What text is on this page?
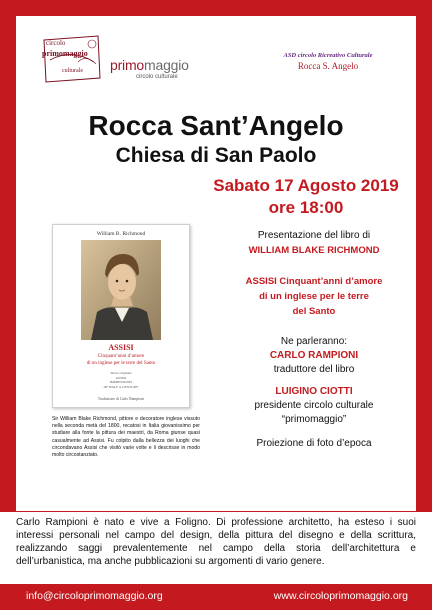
circolo
primomaggio
culturale primomaggio
circolo culturale
ASD circolo Ricreativo Culturale
Rocca S. Angelo
Rocca Sant’Angelo
Chiesa di San Paolo
Sabato 17 Agosto 2019
ore 18:00
William B. Richmond
ASSISI
Cinquant’anni d’amore
di un inglese per le terre del Santo
Titolo originale
ASSISI
IMPRESSIONS
OF HALF A CENTURY
Traduzione di Carlo Rampioni
Sir William Blake Richmond, pittore e decoratore inglese vissuto nella seconda metà del 1800, recatosi in Italia giovanissimo per studiare alla fonte la pittura dei maestri, da Roma giunse quasi casualmente ad Assisi. Fu colpito dalla bellezza dei luoghi che circondavano Assisi che visitò varie volte e li descrisse in modo molto circostanziato.
Presentazione del libro di
WILLIAM BLAKE RICHMOND
ASSISI Cinquant’anni d’amore
di un inglese per le terre
del Santo
Ne parleranno:
CARLO RAMPIONI
traduttore del libro
LUIGINO CIOTTI
presidente circolo culturale
“primomaggio”
Proiezione di foto d’epoca
Carlo Rampioni è nato e vive a Foligno. Di professione architetto, ha esteso i suoi interessi personali nel campo del design, della pittura del disegno e della scrittura, realizzando saggi prevalentemente nel campo della storia dell’architettura e dell’urbanistica, ma anche pubblicazioni su argomenti di vario genere.
info@circoloprimomaggio.org	www.circoloprimomaggio.org
